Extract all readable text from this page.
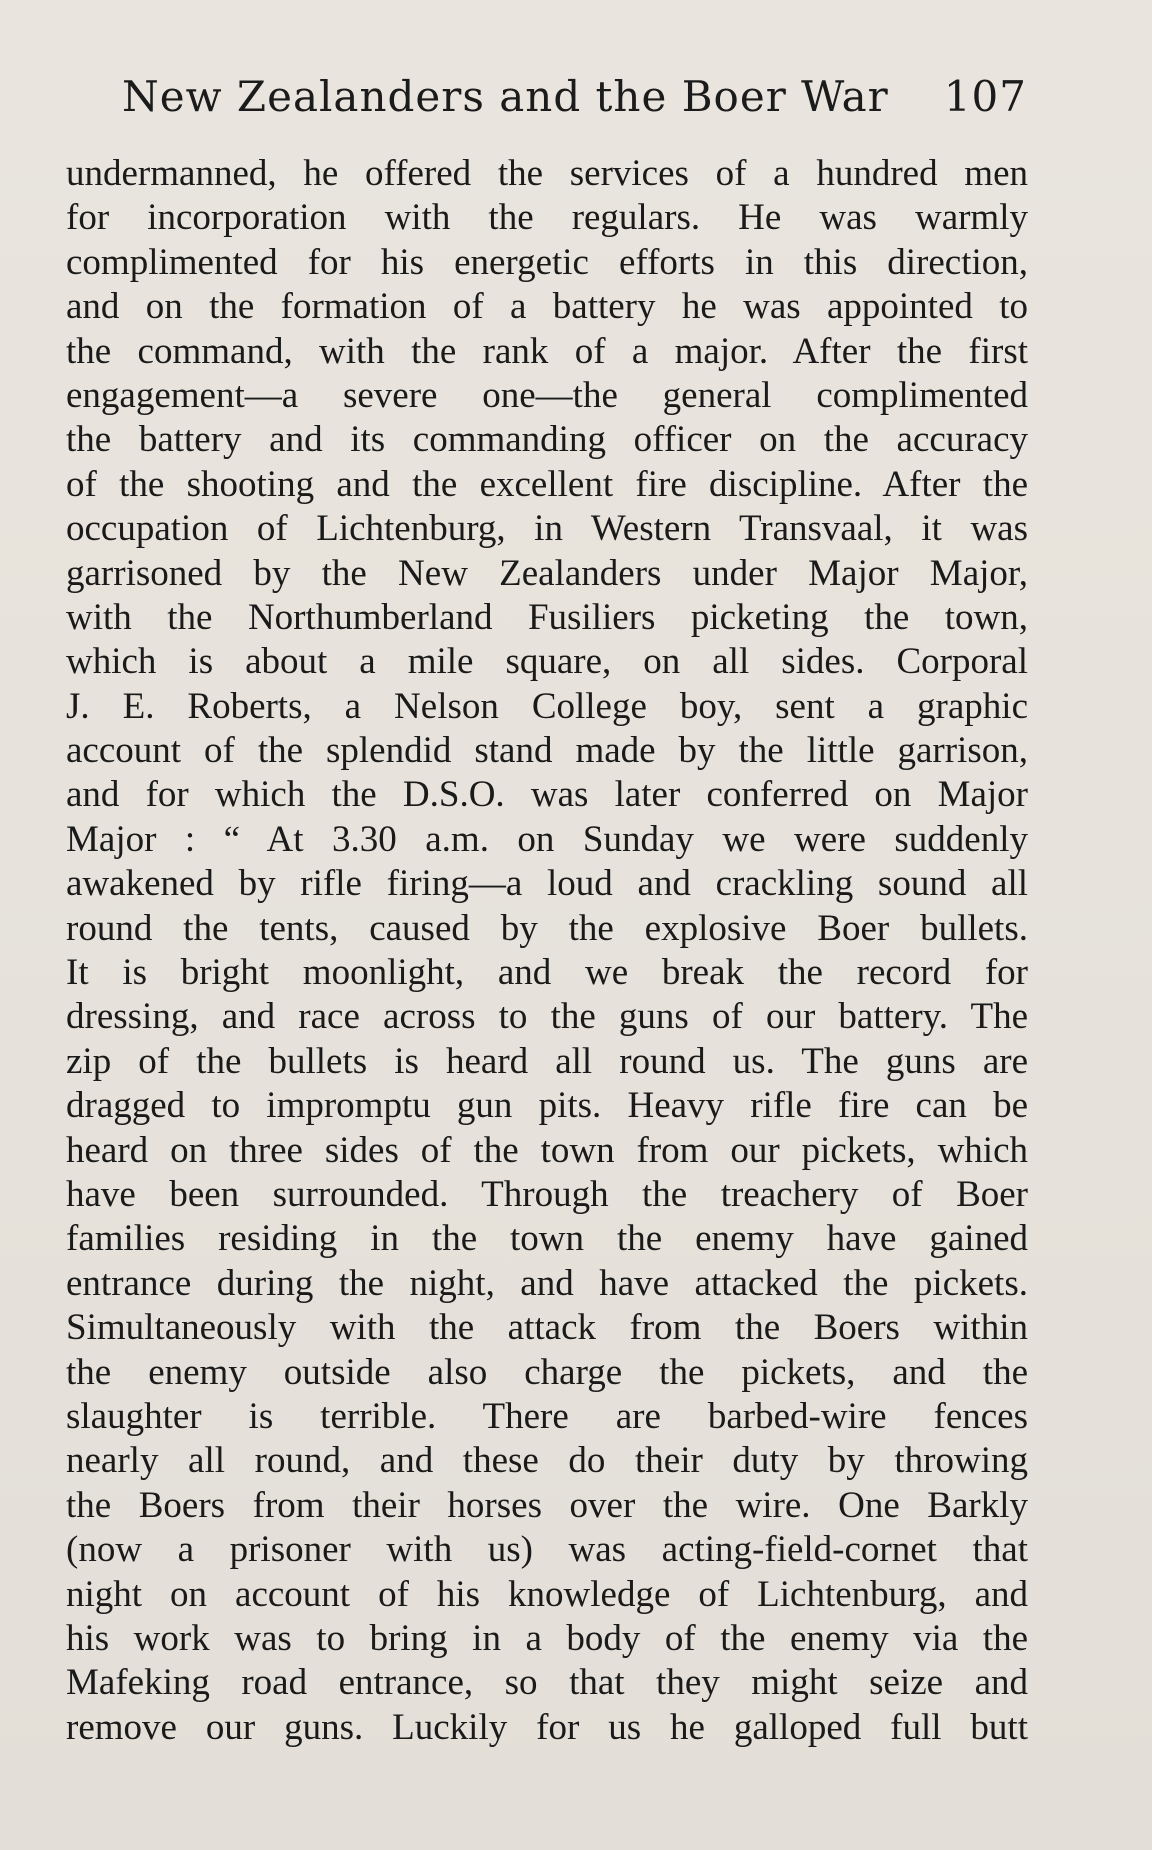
New Zealanders and the Boer War 107
undermanned, he offered the services of a hundred men
for incorporation with the regulars. He was warmly
complimented for his energetic efforts in this direction,
and on the formation of a battery he was appointed to
the command, with the rank of a major. After the first
engagement—a severe one—the general complimented
the battery and its commanding officer on the accuracy
of the shooting and the excellent fire discipline. After the
occupation of Lichtenburg, in Western Transvaal, it was
garrisoned by the New Zealanders under Major Major,
with the Northumberland Fusiliers picketing the town,
which is about a mile square, on all sides. Corporal
J. E. Roberts, a Nelson College boy, sent a graphic
account of the splendid stand made by the little garrison,
and for which the D.S.O. was later conferred on Major
Major : “ At 3.30 a.m. on Sunday we were suddenly
awakened by rifle firing—a loud and crackling sound all
round the tents, caused by the explosive Boer bullets.
It is bright moonlight, and we break the record for
dressing, and race across to the guns of our battery. The
zip of the bullets is heard all round us. The guns are
dragged to impromptu gun pits. Heavy rifle fire can be
heard on three sides of the town from our pickets, which
have been surrounded. Through the treachery of Boer
families residing in the town the enemy have gained
entrance during the night, and have attacked the pickets.
Simultaneously with the attack from the Boers within
the enemy outside also charge the pickets, and the
slaughter is terrible. There are barbed-wire fences
nearly all round, and these do their duty by throwing
the Boers from their horses over the wire. One Barkly
(now a prisoner with us) was acting-field-cornet that
night on account of his knowledge of Lichtenburg, and
his work was to bring in a body of the enemy via the
Mafeking road entrance, so that they might seize and
remove our guns. Luckily for us he galloped full butt
